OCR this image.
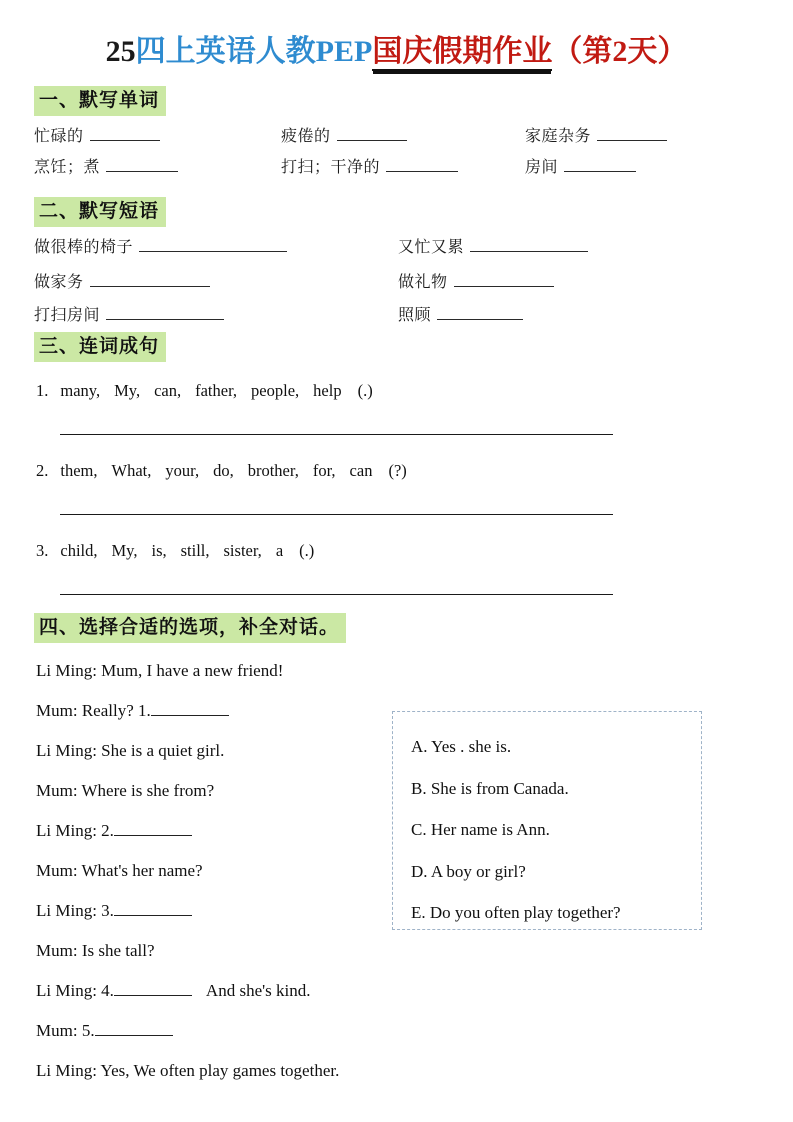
25四上英语人教PEP国庆假期作业（第2天）
一、默写单词
忙碌的	疲倦的	家庭杂务
烹饪；煮	打扫；干净的	房间
二、默写短语
做很棒的椅子	又忙又累
做家务	做礼物
打扫房间	照顾
三、连词成句
1. many, My, can, father, people, help (.)
2. them, What, your, do, brother, for, can (?)
3. child, My, is, still, sister, a (.)
四、选择合适的选项，补全对话。
Li Ming: Mum, I have a new friend!
Mum: Really? 1.
Li Ming: She is a quiet girl.
Mum: Where is she from?
Li Ming: 2.
Mum: What's her name?
Li Ming: 3.
Mum: Is she tall?
Li Ming: 4.	And she's kind.
Mum: 5.
Li Ming: Yes, We often play games together.
A. Yes . she is.
B. She is from Canada.
C. Her name is Ann.
D. A boy or girl?
E. Do you often play together?
